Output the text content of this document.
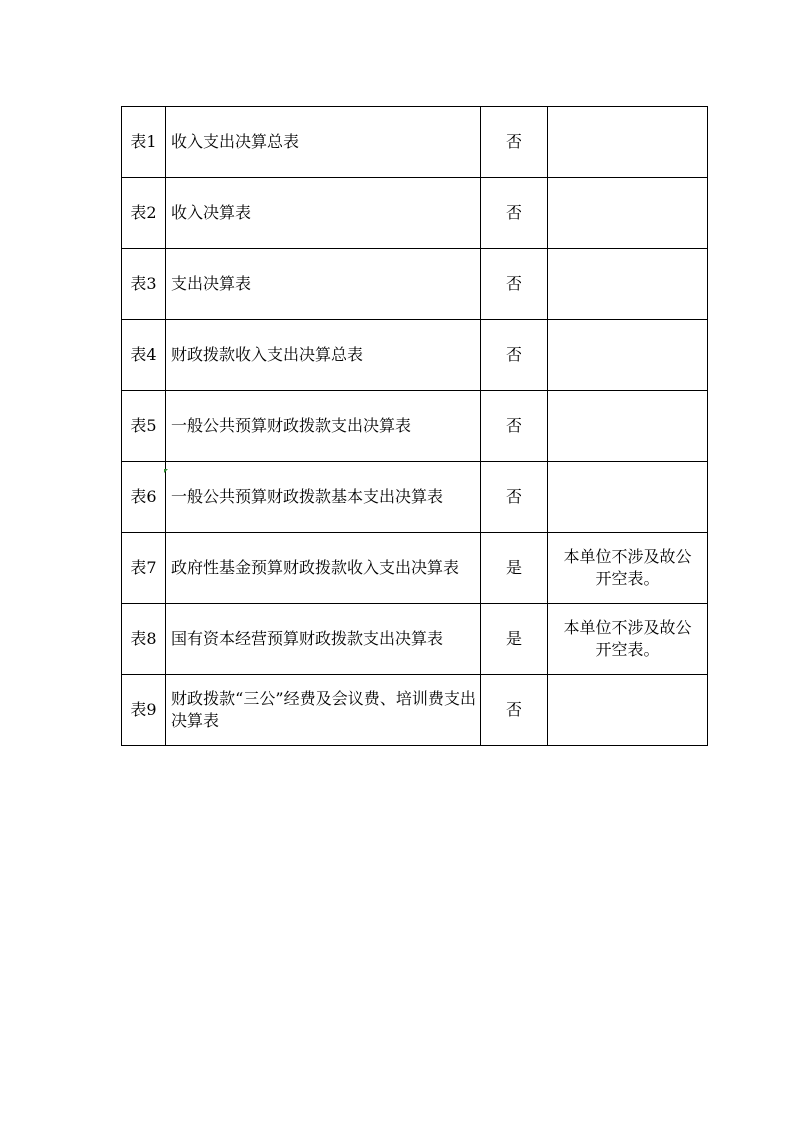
表1	收入支出决算总表	否	
表2	收入决算表	否	
表3	支出决算表	否	
表4	财政拨款收入支出决算总表	否	
表5	一般公共预算财政拨款支出决算表	否	
表6	一般公共预算财政拨款基本支出决算表	否	
表7	政府性基金预算财政拨款收入支出决算表	是	本单位不涉及故公开空表。
表8	国有资本经营预算财政拨款支出决算表	是	本单位不涉及故公开空表。
表9	财政拨款“三公”经费及会议费、培训费支出决算表	否	
